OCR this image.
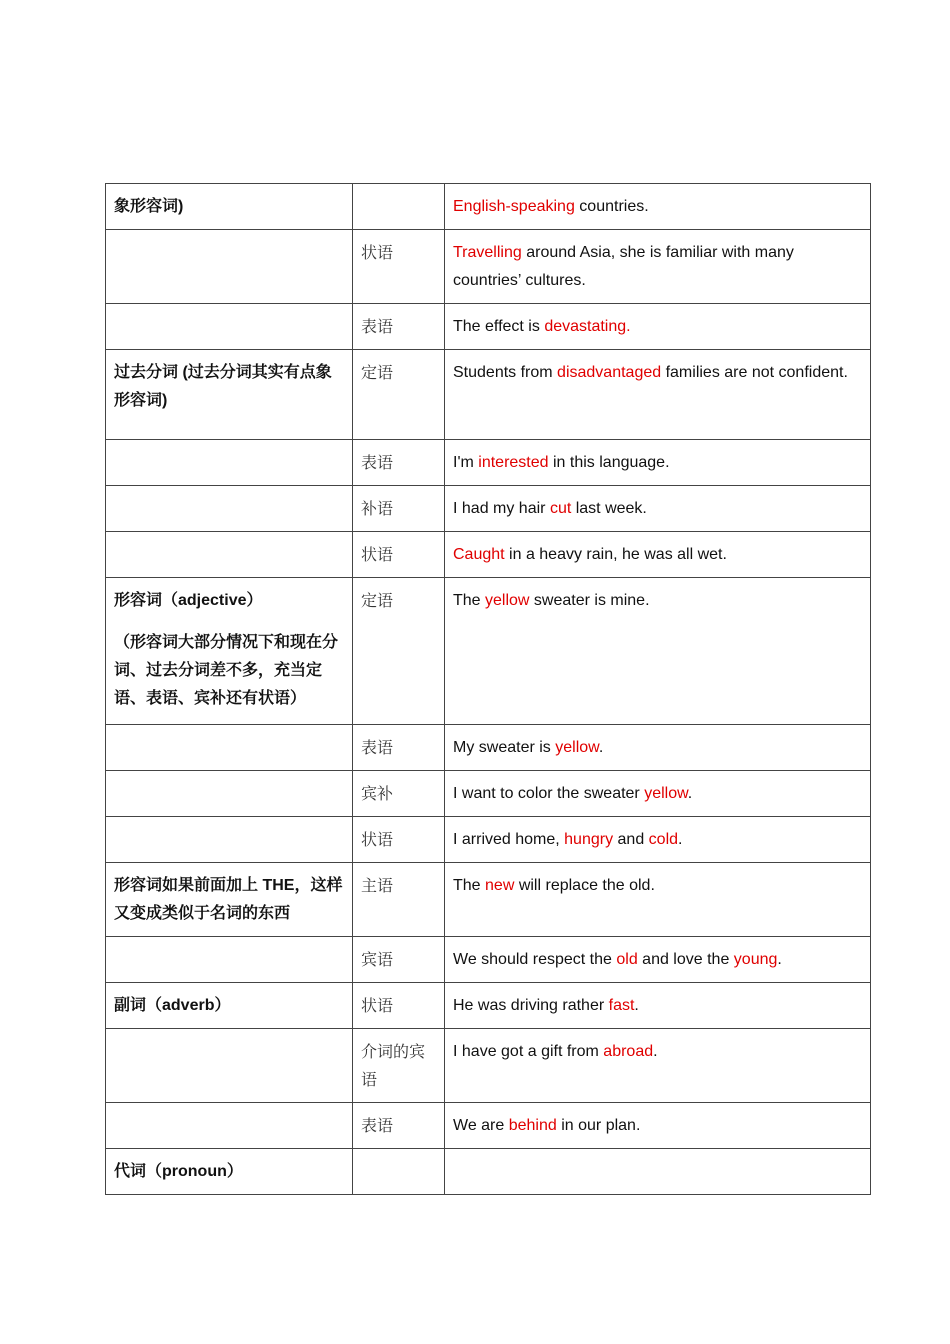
象形容词)		English-speaking countries.

	状语	Travelling around Asia, she is familiar with many countries’ cultures.

	表语	The effect is devastating.

过去分词 (过去分词其实有点象形容词)	定语	Students from disadvantaged families are not confident.

	表语	I'm interested in this language.

	补语	I had my hair cut last week.

	状语	Caught in a heavy rain, he was all wet.

形容词（adjective）
（形容词大部分情况下和现在分词、过去分词差不多，充当定语、表语、宾补还有状语）	定语	The yellow sweater is mine.

	表语	My sweater is yellow.

	宾补	I want to color the sweater yellow.

	状语	I arrived home, hungry and cold.

形容词如果前面加上 THE，这样又变成类似于名词的东西	主语	The new will replace the old.

	宾语	We should respect the old and love the young.

副词（adverb）	状语	He was driving rather fast.

	介词的宾语	I have got a gift from abroad.

	表语	We are behind in our plan.

代词（pronoun）		
